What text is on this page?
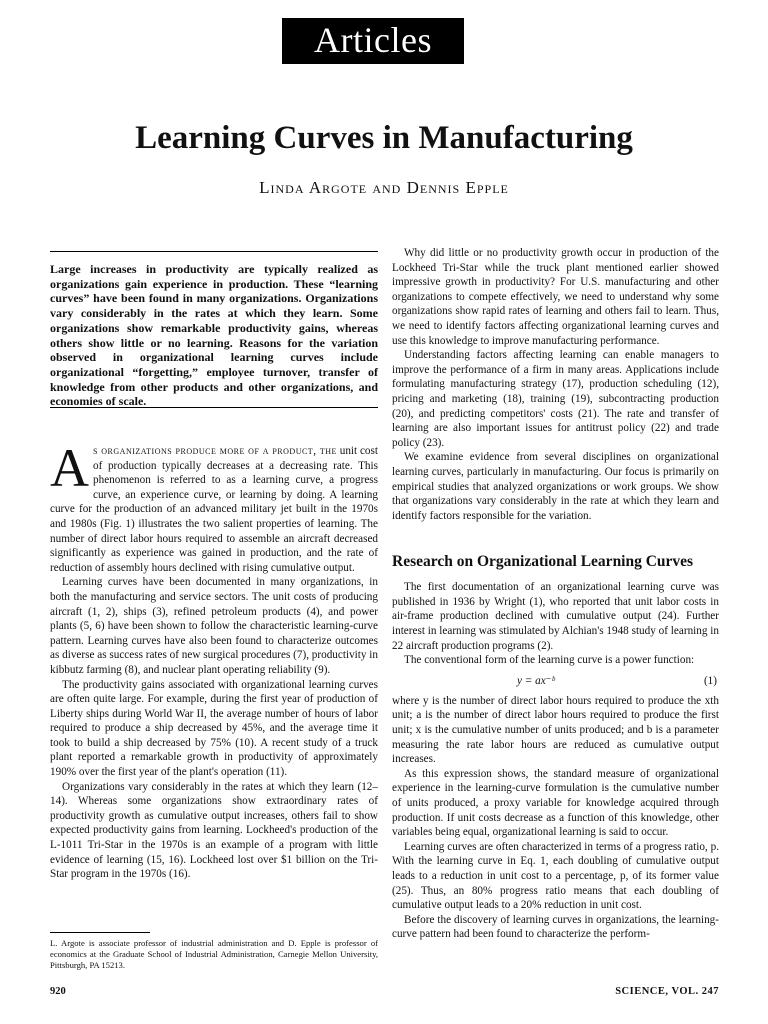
Articles
Learning Curves in Manufacturing
Linda Argote and Dennis Epple
Large increases in productivity are typically realized as organizations gain experience in production. These “learning curves” have been found in many organizations. Organizations vary considerably in the rates at which they learn. Some organizations show remarkable productivity gains, whereas others show little or no learning. Reasons for the variation observed in organizational learning curves include organizational “forgetting,” employee turnover, transfer of knowledge from other products and other organizations, and economies of scale.

As organizations produce more of a product, the unit cost of production typically decreases at a decreasing rate. This phenomenon is referred to as a learning curve, a progress curve, an experience curve, or learning by doing. A learning curve for the production of an advanced military jet built in the 1970s and 1980s (Fig. 1) illustrates the two salient properties of learning. The number of direct labor hours required to assemble an aircraft decreased significantly as experience was gained in production, and the rate of reduction of assembly hours declined with rising cumulative output.

Learning curves have been documented in many organizations, in both the manufacturing and service sectors. The unit costs of producing aircraft (1, 2), ships (3), refined petroleum products (4), and power plants (5, 6) have been shown to follow the characteristic learning-curve pattern. Learning curves have also been found to characterize outcomes as diverse as success rates of new surgical procedures (7), productivity in kibbutz farming (8), and nuclear plant operating reliability (9).

The productivity gains associated with organizational learning curves are often quite large. For example, during the first year of production of Liberty ships during World War II, the average number of hours of labor required to produce a ship decreased by 45%, and the average time it took to build a ship decreased by 75% (10). A recent study of a truck plant reported a remarkable growth in productivity of approximately 190% over the first year of the plant's operation (11).

Organizations vary considerably in the rates at which they learn (12–14). Whereas some organizations show extraordinary rates of productivity growth as cumulative output increases, others fail to show expected productivity gains from learning. Lockheed's production of the L-1011 Tri-Star in the 1970s is an example of a program with little evidence of learning (15, 16). Lockheed lost over $1 billion on the Tri-Star program in the 1970s (16).

L. Argote is associate professor of industrial administration and D. Epple is professor of economics at the Graduate School of Industrial Administration, Carnegie Mellon University, Pittsburgh, PA 15213.

Why did little or no productivity growth occur in production of the Lockheed Tri-Star while the truck plant mentioned earlier showed impressive growth in productivity? For U.S. manufacturing and other organizations to compete effectively, we need to understand why some organizations show rapid rates of learning and others fail to learn. Thus, we need to identify factors affecting organizational learning curves and use this knowledge to improve manufacturing performance.

Understanding factors affecting learning can enable managers to improve the performance of a firm in many areas. Applications include formulating manufacturing strategy (17), production scheduling (12), pricing and marketing (18), training (19), subcontracting production (20), and predicting competitors' costs (21). The rate and transfer of learning are also important issues for antitrust policy (22) and trade policy (23).

We examine evidence from several disciplines on organizational learning curves, particularly in manufacturing. Our focus is primarily on empirical studies that analyzed organizations or work groups. We show that organizations vary considerably in the rate at which they learn and identify factors responsible for the variation.

Research on Organizational Learning Curves

The first documentation of an organizational learning curve was published in 1936 by Wright (1), who reported that unit labor costs in air-frame production declined with cumulative output (24). Further interest in learning was stimulated by Alchian's 1948 study of learning in 22 aircraft production programs (2).

The conventional form of the learning curve is a power function:

y = ax⁻ᵇ	(1)

where y is the number of direct labor hours required to produce the xth unit; a is the number of direct labor hours required to produce the first unit; x is the cumulative number of units produced; and b is a parameter measuring the rate labor hours are reduced as cumulative output increases.

As this expression shows, the standard measure of organizational experience in the learning-curve formulation is the cumulative number of units produced, a proxy variable for knowledge acquired through production. If unit costs decrease as a function of this knowledge, other variables being equal, organizational learning is said to occur.

Learning curves are often characterized in terms of a progress ratio, p. With the learning curve in Eq. 1, each doubling of cumulative output leads to a reduction in unit cost to a percentage, p, of its former value (25). Thus, an 80% progress ratio means that each doubling of cumulative output leads to a 20% reduction in unit cost.

Before the discovery of learning curves in organizations, the learning-curve pattern had been found to characterize the perform-

920	SCIENCE, VOL. 247
